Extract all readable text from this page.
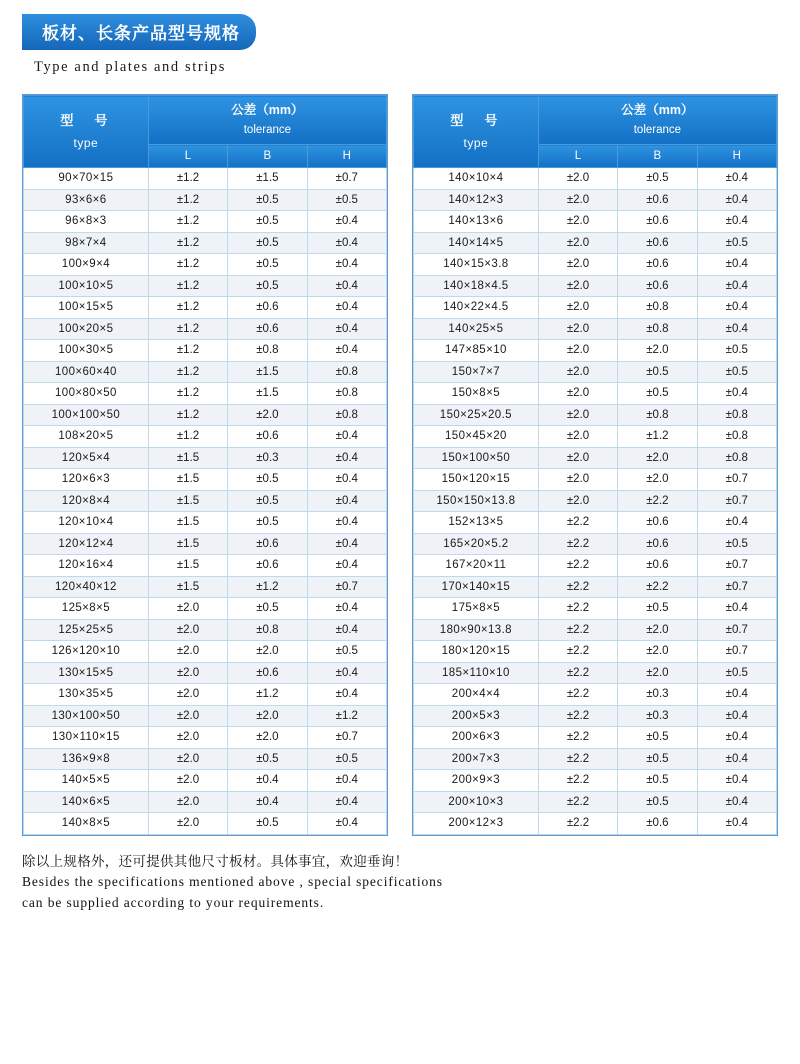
板材、长条产品型号规格
Type and plates and strips
型　号
type	公差（mm）
tolerance		

	L	B	H
90×70×15	±1.2	±1.5	±0.7
93×6×6	±1.2	±0.5	±0.5
96×8×3	±1.2	±0.5	±0.4
98×7×4	±1.2	±0.5	±0.4
100×9×4	±1.2	±0.5	±0.4
100×10×5	±1.2	±0.5	±0.4
100×15×5	±1.2	±0.6	±0.4
100×20×5	±1.2	±0.6	±0.4
100×30×5	±1.2	±0.8	±0.4
100×60×40	±1.2	±1.5	±0.8
100×80×50	±1.2	±1.5	±0.8
100×100×50	±1.2	±2.0	±0.8
108×20×5	±1.2	±0.6	±0.4
120×5×4	±1.5	±0.3	±0.4
120×6×3	±1.5	±0.5	±0.4
120×8×4	±1.5	±0.5	±0.4
120×10×4	±1.5	±0.5	±0.4
120×12×4	±1.5	±0.6	±0.4
120×16×4	±1.5	±0.6	±0.4
120×40×12	±1.5	±1.2	±0.7
125×8×5	±2.0	±0.5	±0.4
125×25×5	±2.0	±0.8	±0.4
126×120×10	±2.0	±2.0	±0.5
130×15×5	±2.0	±0.6	±0.4
130×35×5	±2.0	±1.2	±0.4
130×100×50	±2.0	±2.0	±1.2
130×110×15	±2.0	±2.0	±0.7
136×9×8	±2.0	±0.5	±0.5
140×5×5	±2.0	±0.4	±0.4
140×6×5	±2.0	±0.4	±0.4
140×8×5	±2.0	±0.5	±0.4
型　号
type	公差（mm）
tolerance		

	L	B	H
140×10×4	±2.0	±0.5	±0.4
140×12×3	±2.0	±0.6	±0.4
140×13×6	±2.0	±0.6	±0.4
140×14×5	±2.0	±0.6	±0.5
140×15×3.8	±2.0	±0.6	±0.4
140×18×4.5	±2.0	±0.6	±0.4
140×22×4.5	±2.0	±0.8	±0.4
140×25×5	±2.0	±0.8	±0.4
147×85×10	±2.0	±2.0	±0.5
150×7×7	±2.0	±0.5	±0.5
150×8×5	±2.0	±0.5	±0.4
150×25×20.5	±2.0	±0.8	±0.8
150×45×20	±2.0	±1.2	±0.8
150×100×50	±2.0	±2.0	±0.8
150×120×15	±2.0	±2.0	±0.7
150×150×13.8	±2.0	±2.2	±0.7
152×13×5	±2.2	±0.6	±0.4
165×20×5.2	±2.2	±0.6	±0.5
167×20×11	±2.2	±0.6	±0.7
170×140×15	±2.2	±2.2	±0.7
175×8×5	±2.2	±0.5	±0.4
180×90×13.8	±2.2	±2.0	±0.7
180×120×15	±2.2	±2.0	±0.7
185×110×10	±2.2	±2.0	±0.5
200×4×4	±2.2	±0.3	±0.4
200×5×3	±2.2	±0.3	±0.4
200×6×3	±2.2	±0.5	±0.4
200×7×3	±2.2	±0.5	±0.4
200×9×3	±2.2	±0.5	±0.4
200×10×3	±2.2	±0.5	±0.4
200×12×3	±2.2	±0.6	±0.4
除以上规格外，还可提供其他尺寸板材。具体事宜，欢迎垂询！
Besides the specifications mentioned above , special specifications
can be supplied according to your requirements.
